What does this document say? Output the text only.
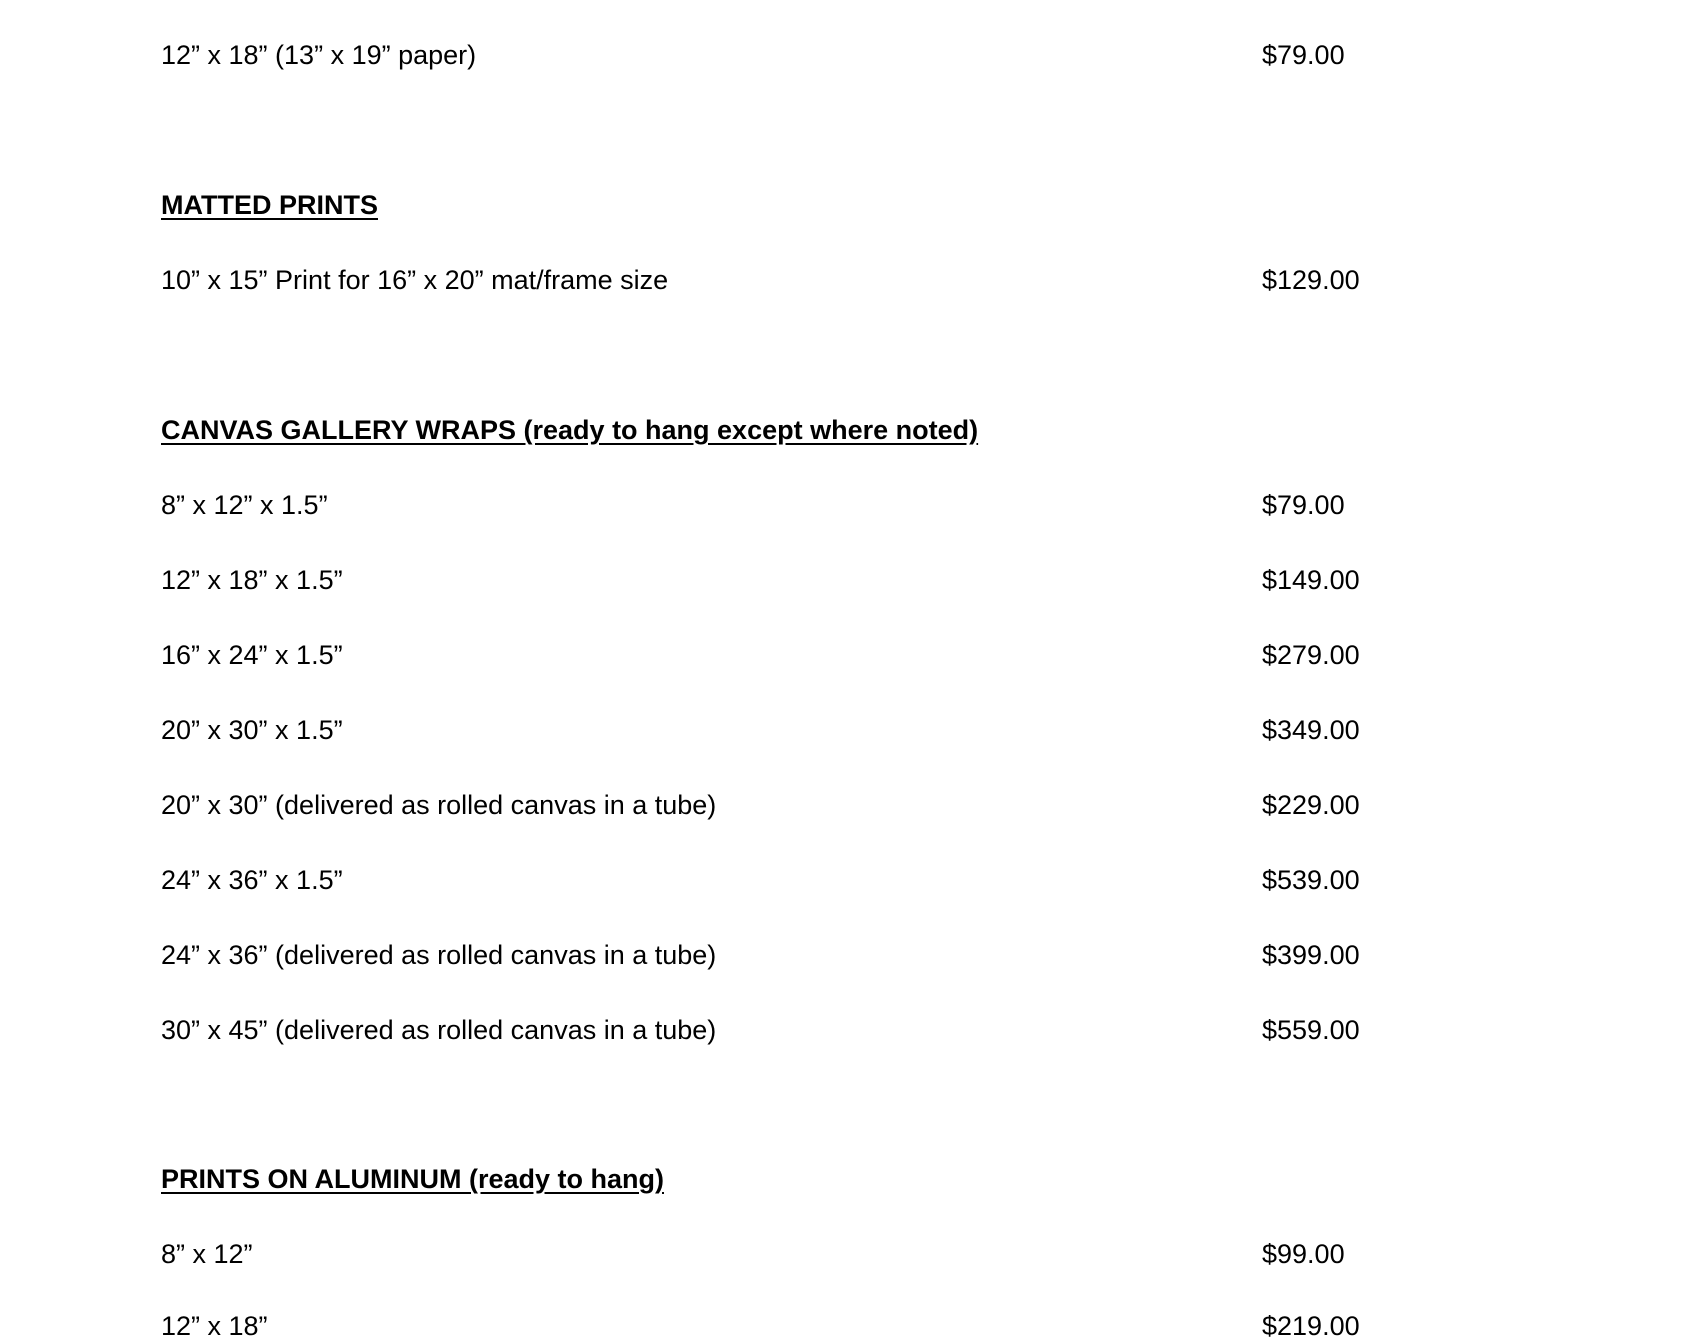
12” x 18” (13” x 19” paper)	$79.00
MATTED PRINTS
10” x 15” Print for 16” x 20” mat/frame size	$129.00
CANVAS GALLERY WRAPS (ready to hang except where noted)
8” x 12” x 1.5”	$79.00
12” x 18” x 1.5”	$149.00
16” x 24” x 1.5”	$279.00
20” x 30” x 1.5”	$349.00
20” x 30” (delivered as rolled canvas in a tube)	$229.00
24” x 36” x 1.5”	$539.00
24” x 36” (delivered as rolled canvas in a tube)	$399.00
30” x 45” (delivered as rolled canvas in a tube)	$559.00
PRINTS ON ALUMINUM (ready to hang)
8” x 12”	$99.00
12” x 18”	$219.00
